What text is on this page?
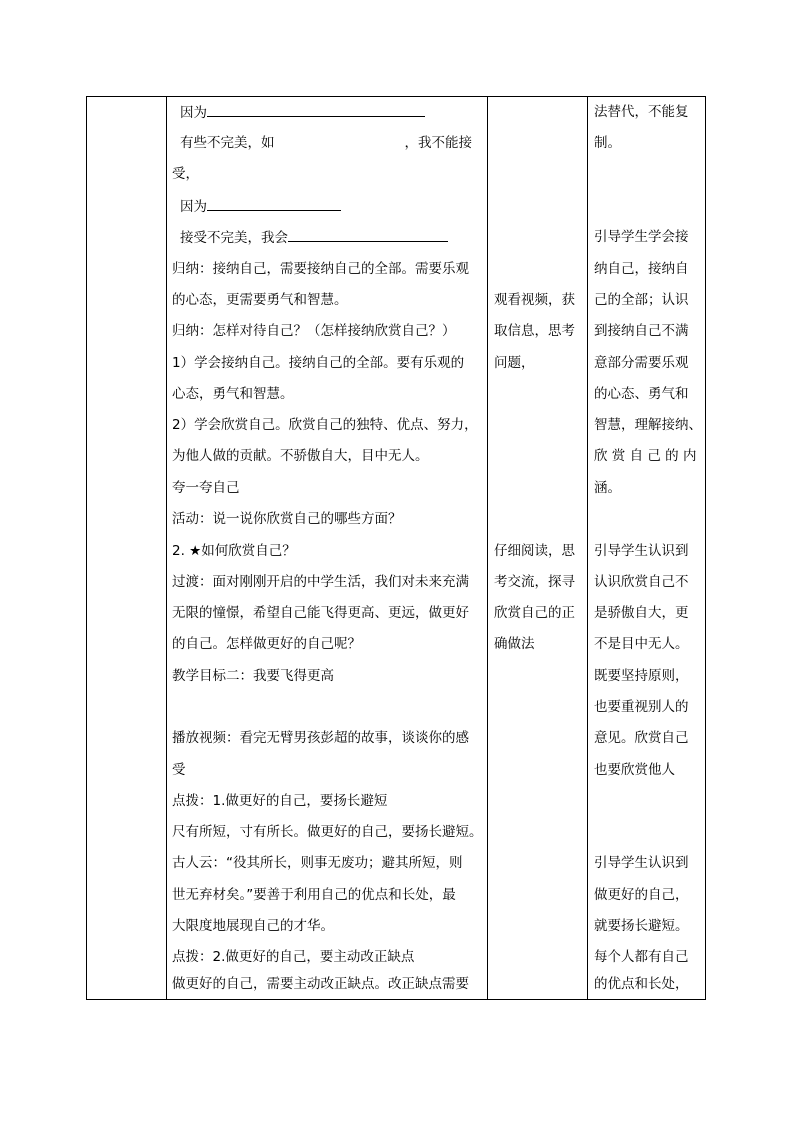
因为
有些不完美，如	，我不能接
受，
因为
接受不完美，我会
归纳：接纳自己，需要接纳自己的全部。需要乐观
的心态，更需要勇气和智慧。
归纳：怎样对待自己？（怎样接纳欣赏自己？）
1）学会接纳自己。接纳自己的全部。要有乐观的
心态，勇气和智慧。
2）学会欣赏自己。欣赏自己的独特、优点、努力，
为他人做的贡献。不骄傲自大，目中无人。
夸一夸自己
活动：说一说你欣赏自己的哪些方面？
2. ★如何欣赏自己？
过渡：面对刚刚开启的中学生活，我们对未来充满
无限的憧憬，希望自己能飞得更高、更远，做更好
的自己。怎样做更好的自己呢？
教学目标二：我要飞得更高
播放视频：看完无臂男孩彭超的故事，谈谈你的感
受
点拨：1.做更好的自己，要扬长避短
尺有所短，寸有所长。做更好的自己，要扬长避短。
古人云：“役其所长，则事无废功；避其所短，则
世无弃材矣。”要善于利用自己的优点和长处，最
大限度地展现自己的才华。
点拨：2.做更好的自己，要主动改正缺点
做更好的自己，需要主动改正缺点。改正缺点需要
观看视频，获
取信息，思考
问题，
仔细阅读，思
考交流，探寻
欣赏自己的正
确做法
法替代，不能复
制。
引导学生学会接
纳自己，接纳自
己的全部；认识
到接纳自己不满
意部分需要乐观
的心态、勇气和
智慧，理解接纳、
欣 赏 自 己 的 内
涵。
引导学生认识到
认识欣赏自己不
是骄傲自大，更
不是目中无人。
既要坚持原则，
也要重视别人的
意见。欣赏自己
也要欣赏他人
引导学生认识到
做更好的自己，
就要扬长避短。
每个人都有自己
的优点和长处，
